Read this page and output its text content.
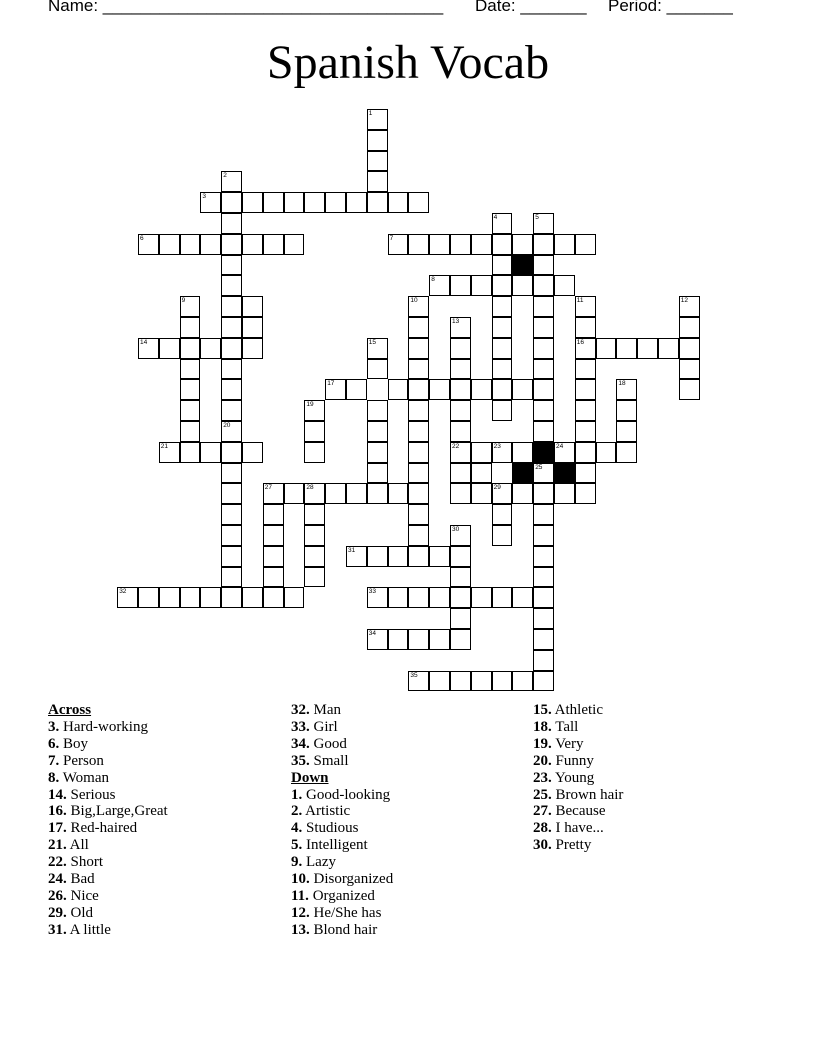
Name: ____________________________________ Date: _______ Period: _______
Spanish Vocab
1
2
20
3
6	7
4	5
25
8
14
9	10
13
22
11
16
12
15
17	18
19
21	23	24
29
27	28
30
31
32	33
34
35
Across
3. Hard-working
6. Boy
7. Person
8. Woman
14. Serious
16. Big,Large,Great
17. Red-haired
21. All
22. Short
24. Bad
26. Nice
29. Old
31. A little
32. Man
33. Girl
34. Good
35. Small
Down
1. Good-looking
2. Artistic
4. Studious
5. Intelligent
9. Lazy
10. Disorganized
11. Organized
12. He/She has
13. Blond hair
15. Athletic
18. Tall
19. Very
20. Funny
23. Young
25. Brown hair
27. Because
28. I have...
30. Pretty
